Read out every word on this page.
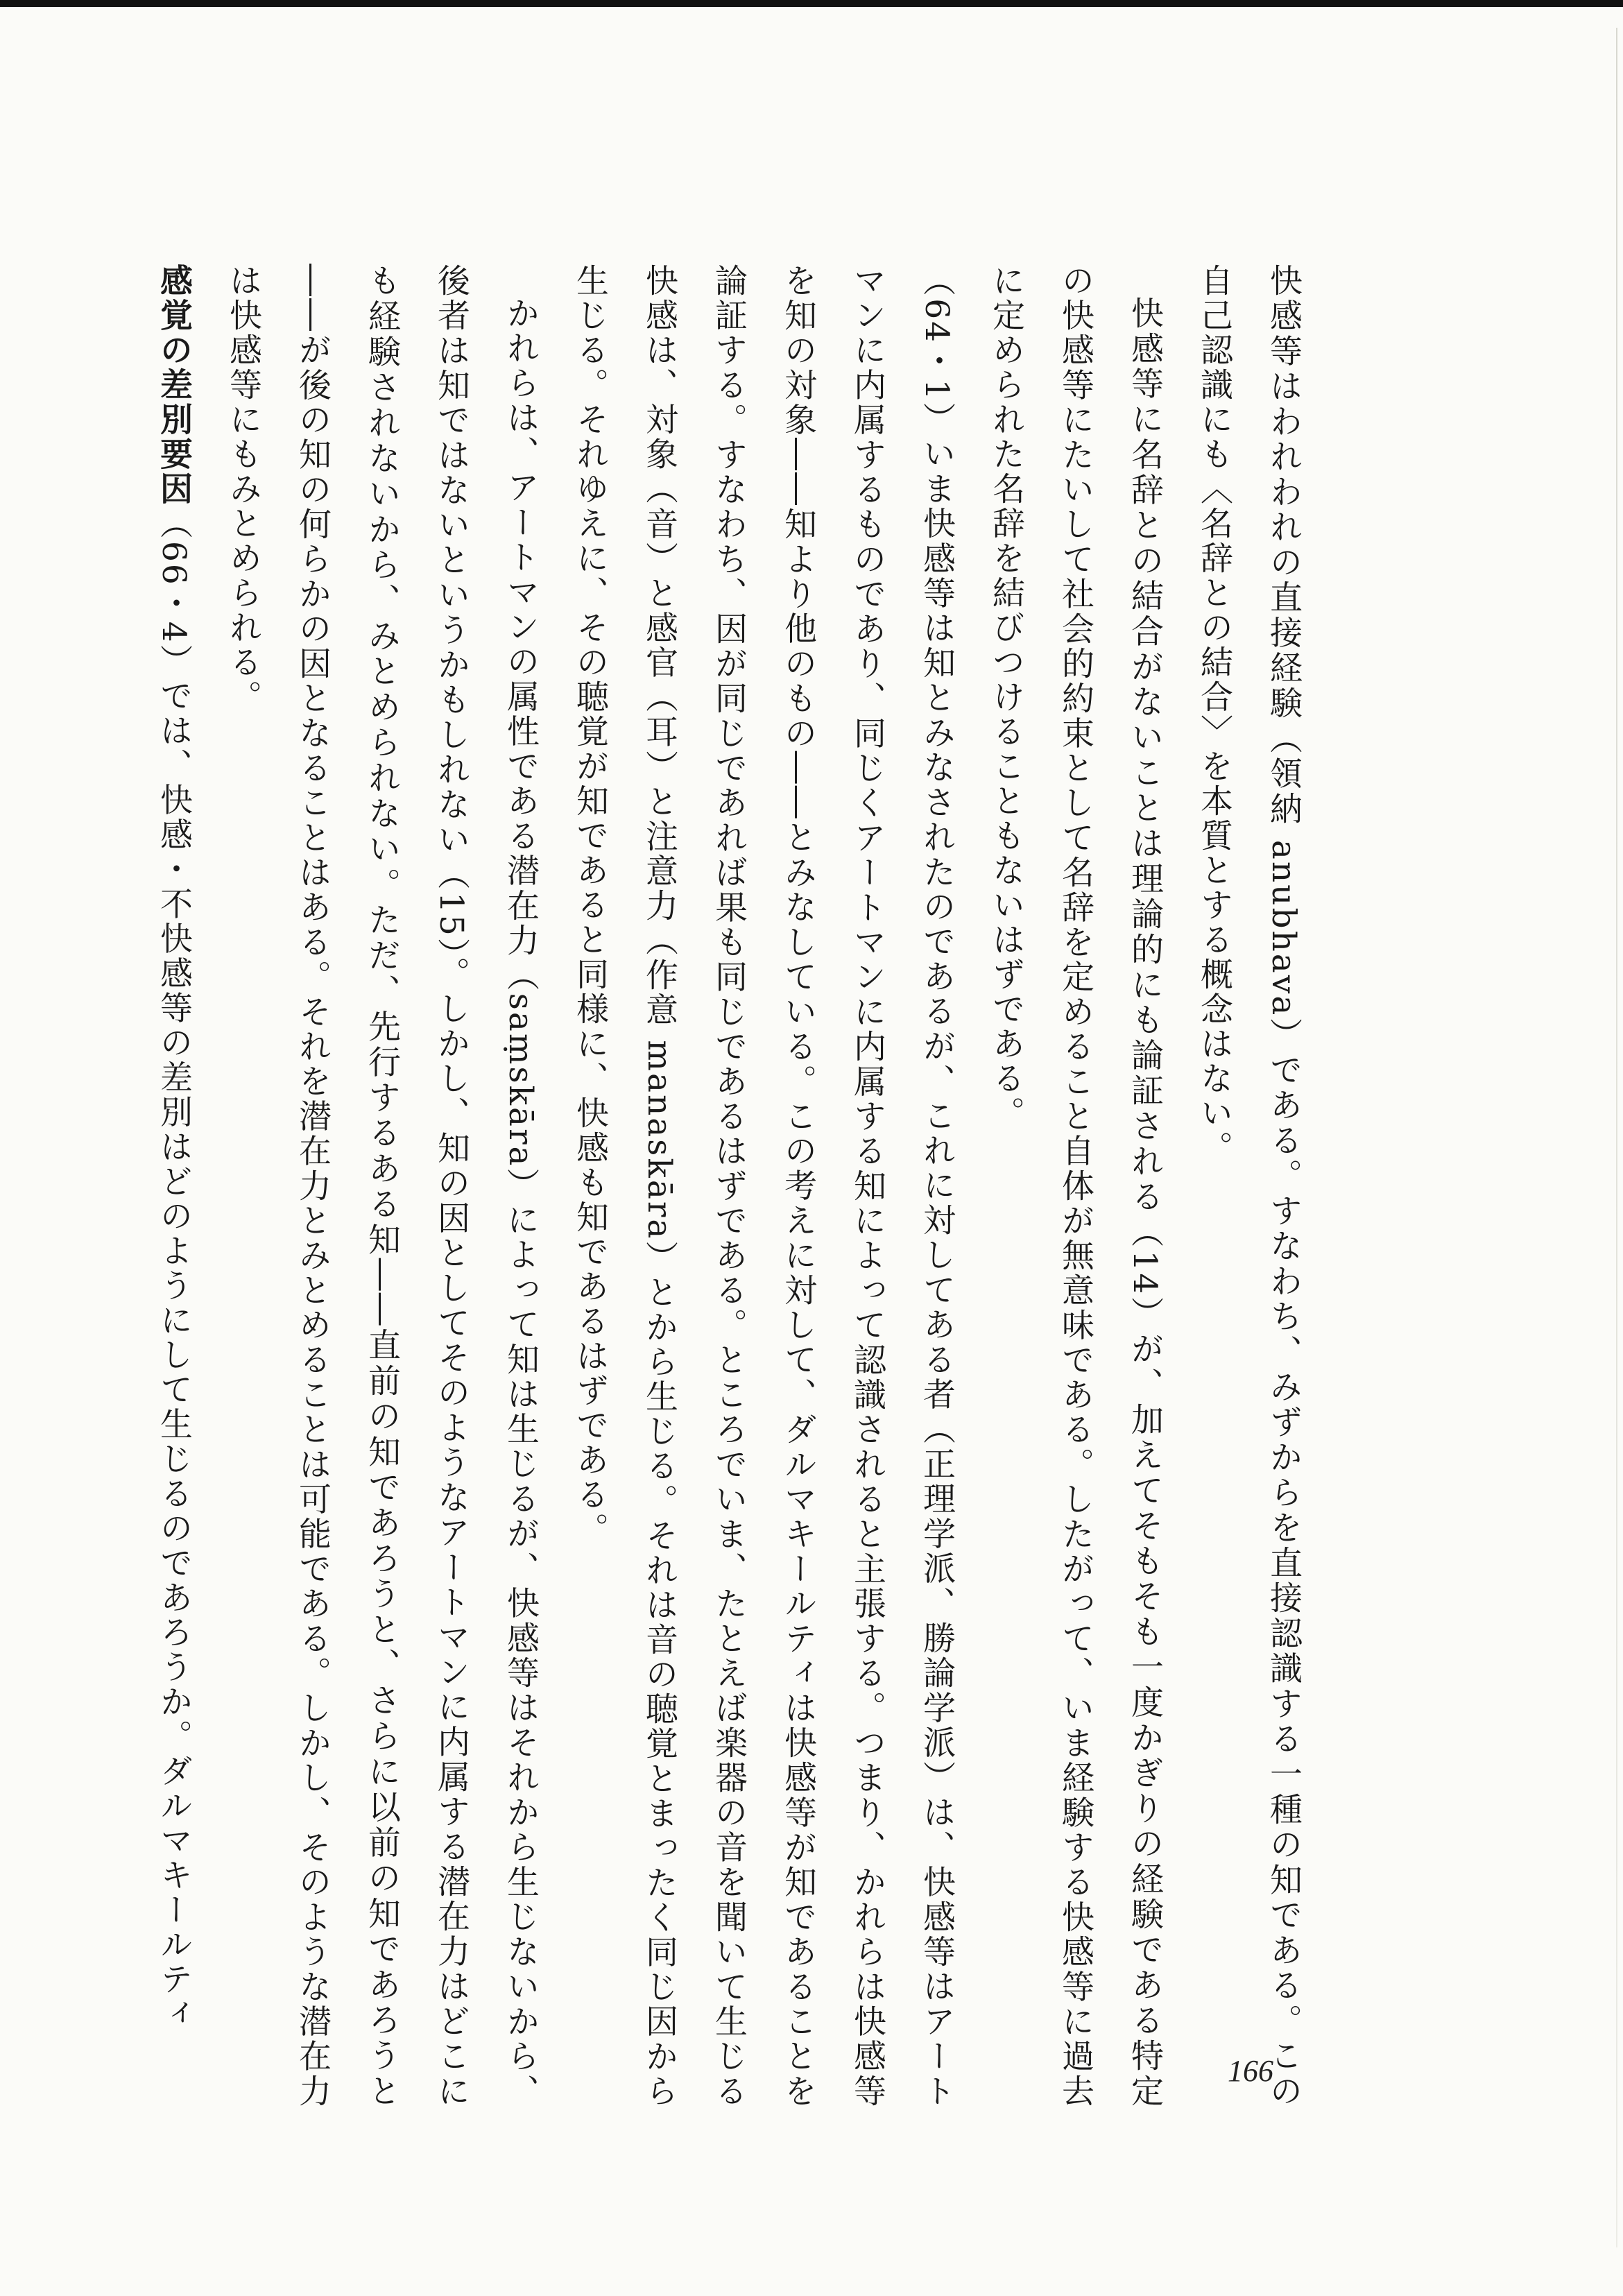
快感等はわれわれの直接経験（領納 anubhava）である。すなわち、みずからを直接認識する一種の知である。この自己認識にも〈名辞との結合〉を本質とする概念はない。

快感等に名辞との結合がないことは理論的にも論証される（14）が、加えてそもそも一度かぎりの経験である特定の快感等にたいして社会的約束として名辞を定めること自体が無意味である。したがって、いま経験する快感等に過去に定められた名辞を結びつけることもないはずである。

（64・1）いま快感等は知とみなされたのであるが、これに対してある者（正理学派、勝論学派）は、快感等はアートマンに内属するものであり、同じくアートマンに内属する知によって認識されると主張する。つまり、かれらは快感等を知の対象――知より他のもの――とみなしている。この考えに対して、ダルマキールティは快感等が知であることを論証する。すなわち、因が同じであれば果も同じであるはずである。ところでいま、たとえば楽器の音を聞いて生じる快感は、対象（音）と感官（耳）と注意力（作意 manaskāra）とから生じる。それは音の聴覚とまったく同じ因から生じる。それゆえに、その聴覚が知であると同様に、快感も知であるはずである。

かれらは、アートマンの属性である潜在力（saṃskāra）によって知は生じるが、快感等はそれから生じないから、後者は知ではないというかもしれない（15）。しかし、知の因としてそのようなアートマンに内属する潜在力はどこにも経験されないから、みとめられない。ただ、先行するある知――直前の知であろうと、さらに以前の知であろうと――が後の知の何らかの因となることはある。それを潜在力とみとめることは可能である。しかし、そのような潜在力は快感等にもみとめられる。

感覚の差別要因（66・4）では、快感・不快感等の差別はどのようにして生じるのであろうか。ダルマキールティ

166
